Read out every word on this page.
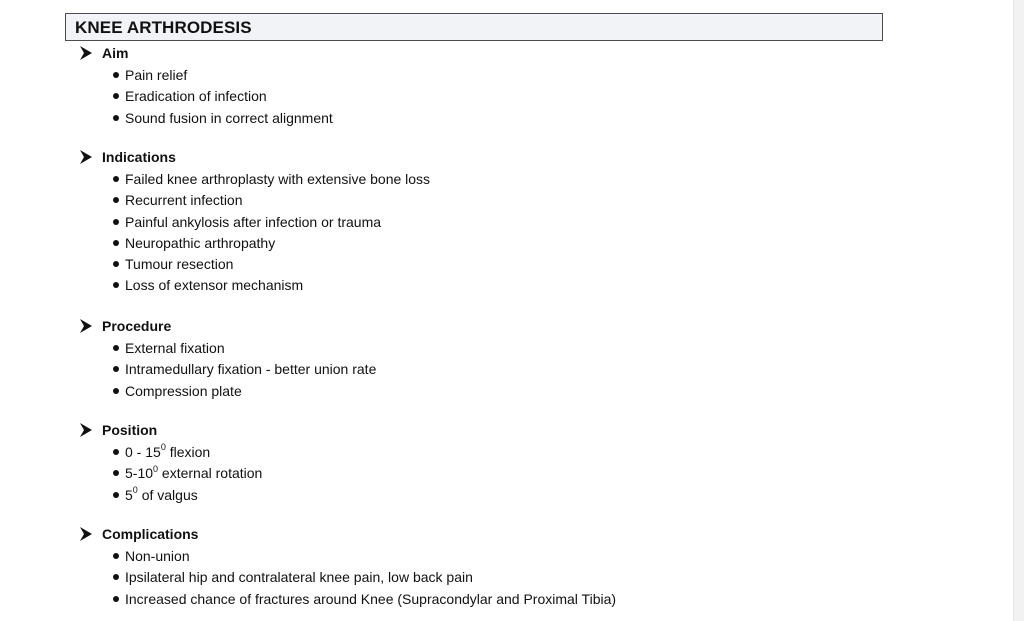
KNEE ARTHRODESIS
Aim
Pain relief
Eradication of infection
Sound fusion in correct alignment
Indications
Failed knee arthroplasty with extensive bone loss
Recurrent infection
Painful ankylosis after infection or trauma
Neuropathic arthropathy
Tumour resection
Loss of extensor mechanism
Procedure
External fixation
Intramedullary fixation - better union rate
Compression plate
Position
$0 - 15^0$ flexion
$5-10^0$ external rotation
$5^0$ of valgus
Complications
Non-union
Ipsilateral hip and contralateral knee pain, low back pain
Increased chance of fractures around Knee (Supracondylar and Proximal Tibia)
